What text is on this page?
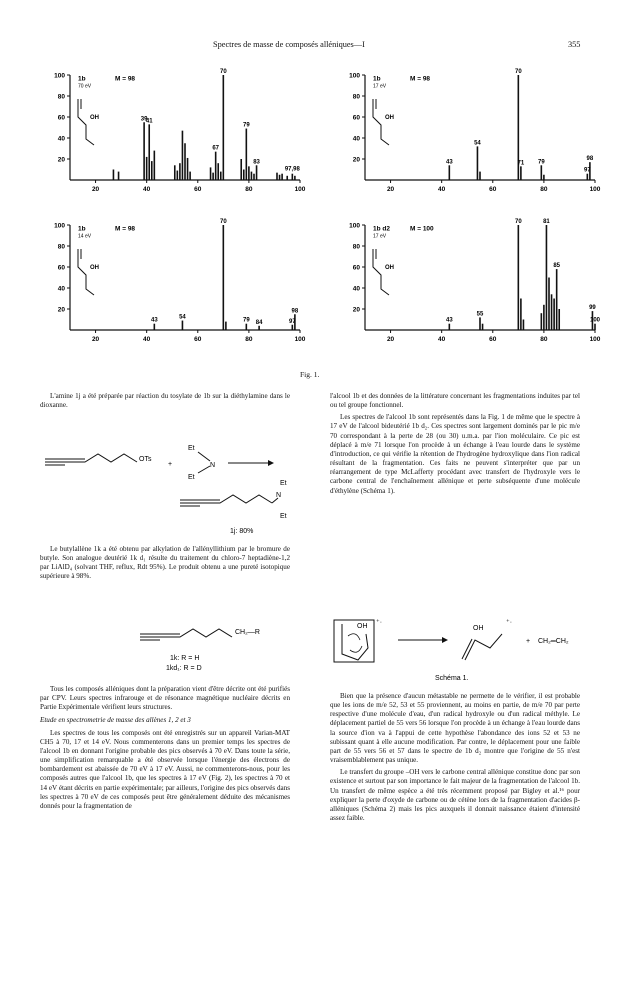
Spectres de masse de composés alléniques—I	355
100
80
60
40
20
20	40	60	80	100
39
41
70
79
67
83
97,98
1b
70 eV
M = 98
OH
100
80
60
40
20
20	40	60	80	100
70
54
43	71 79
97
98
1b
17 eV
M = 98
OH
100
80
60
40
20
20	40	60	80	100
70
43
54
79 84	97
98
1b
14 eV
M = 98
OH
100
80
60
40
20
20	40	60	80	100
70	81
85
43
55
99
100
1b d2
17 eV
M = 100
OH
Fig. 1.

L'amine 1j a été préparée par réaction du tosylate de 1b sur la diéthylamine dans le dioxanne.

OTs
+
Et
Et
N
N
Et
Et
1j: 80%

Le butylallène 1k a été obtenu par alkylation de l'allényllithium par le bromure de butyle. Son analogue deutérié 1k d₁ résulte du traitement du chloro-7 heptadiène-1,2 par LiAlD₄ (solvant THF, reflux, Rdt 95%). Le produit obtenu a une pureté isotopique supérieure à 98%.

CH₂—R
1k: R = H
1kd₁: R = D

Tous les composés alléniques dont la préparation vient d'être décrite ont été purifiés par CPV. Leurs spectres infrarouge et de résonance magnétique nucléaire décrits en Partie Expérimentale vérifient leurs structures.

Etude en spectrometrie de masse des allènes 1, 2 et 3

Les spectres de tous les composés ont été enregistrés sur un appareil Varian-MAT CH5 à 70, 17 et 14 eV. Nous commenterons dans un premier temps les spectres de l'alcool 1b en donnant l'origine probable des pics observés à 70 eV. Dans toute la série, une simplification remarquable a été observée lorsque l'énergie des électrons de bombardement est abaissée de 70 eV à 17 eV. Aussi, ne commenterons-nous, pour les composés autres que l'alcool 1b, que les spectres à 17 eV (Fig. 2), les spectres à 70 et 14 eV étant décrits en partie expérimentale; par ailleurs, l'origine des pics observés dans les spectres à 70 eV de ces composés peut être généralement déduite des mécanismes donnés pour la fragmentation de

l'alcool 1b et des données de la littérature concernant les fragmentations induites par tel ou tel groupe fonctionnel.

Les spectres de l'alcool 1b sont représentés dans la Fig. 1 de même que le spectre à 17 eV de l'alcool bideutérié 1b d₂. Ces spectres sont largement dominés par le pic m/e 70 correspondant à la perte de 28 (ou 30) u.m.a. par l'ion moléculaire. Ce pic est déplacé à m/e 71 lorsque l'on procède à un échange à l'eau lourde dans le système d'introduction, ce qui vérifie la rétention de l'hydrogène hydroxylique dans l'ion radical résultant de la fragmentation. Ces faits ne peuvent s'interpréter que par un réarrangement de type McLafferty procédant avec transfert de l'hydroxyle vers le carbone central de l'enchaînement allénique et perte subséquente d'une molécule d'éthylène (Schéma 1).

OH
⁺·
OH
⁺·
+ CH₂═CH₂
Schéma 1.

Bien que la présence d'aucun métastable ne permette de le vérifier, il est probable que les ions de m/e 52, 53 et 55 proviennent, au moins en partie, de m/e 70 par perte respective d'une molécule d'eau, d'un radical hydroxyle ou d'un radical méthyle. Le déplacement partiel de 55 vers 56 lorsque l'on procède à un échange à l'eau lourde dans la source d'ion va à l'appui de cette hypothèse l'abondance des ions 52 et 53 ne subissant quant à elle aucune modification. Par contre, le déplacement pour une faible part de 55 vers 56 et 57 dans le spectre de 1b d₂ montre que l'origine de 55 n'est vraisemblablement pas unique.

Le transfert du groupe –OH vers le carbone central allénique constitue donc par son existence et surtout par son importance le fait majeur de la fragmentation de l'alcool 1b. Un transfert de même espèce a été très récemment proposé par Bigley et al.¹⁶ pour expliquer la perte d'oxyde de carbone ou de cétène lors de la fragmentation d'acides β-alléniques (Schéma 2) mais les pics auxquels il donnait naissance étaient d'intensité assez faible.
